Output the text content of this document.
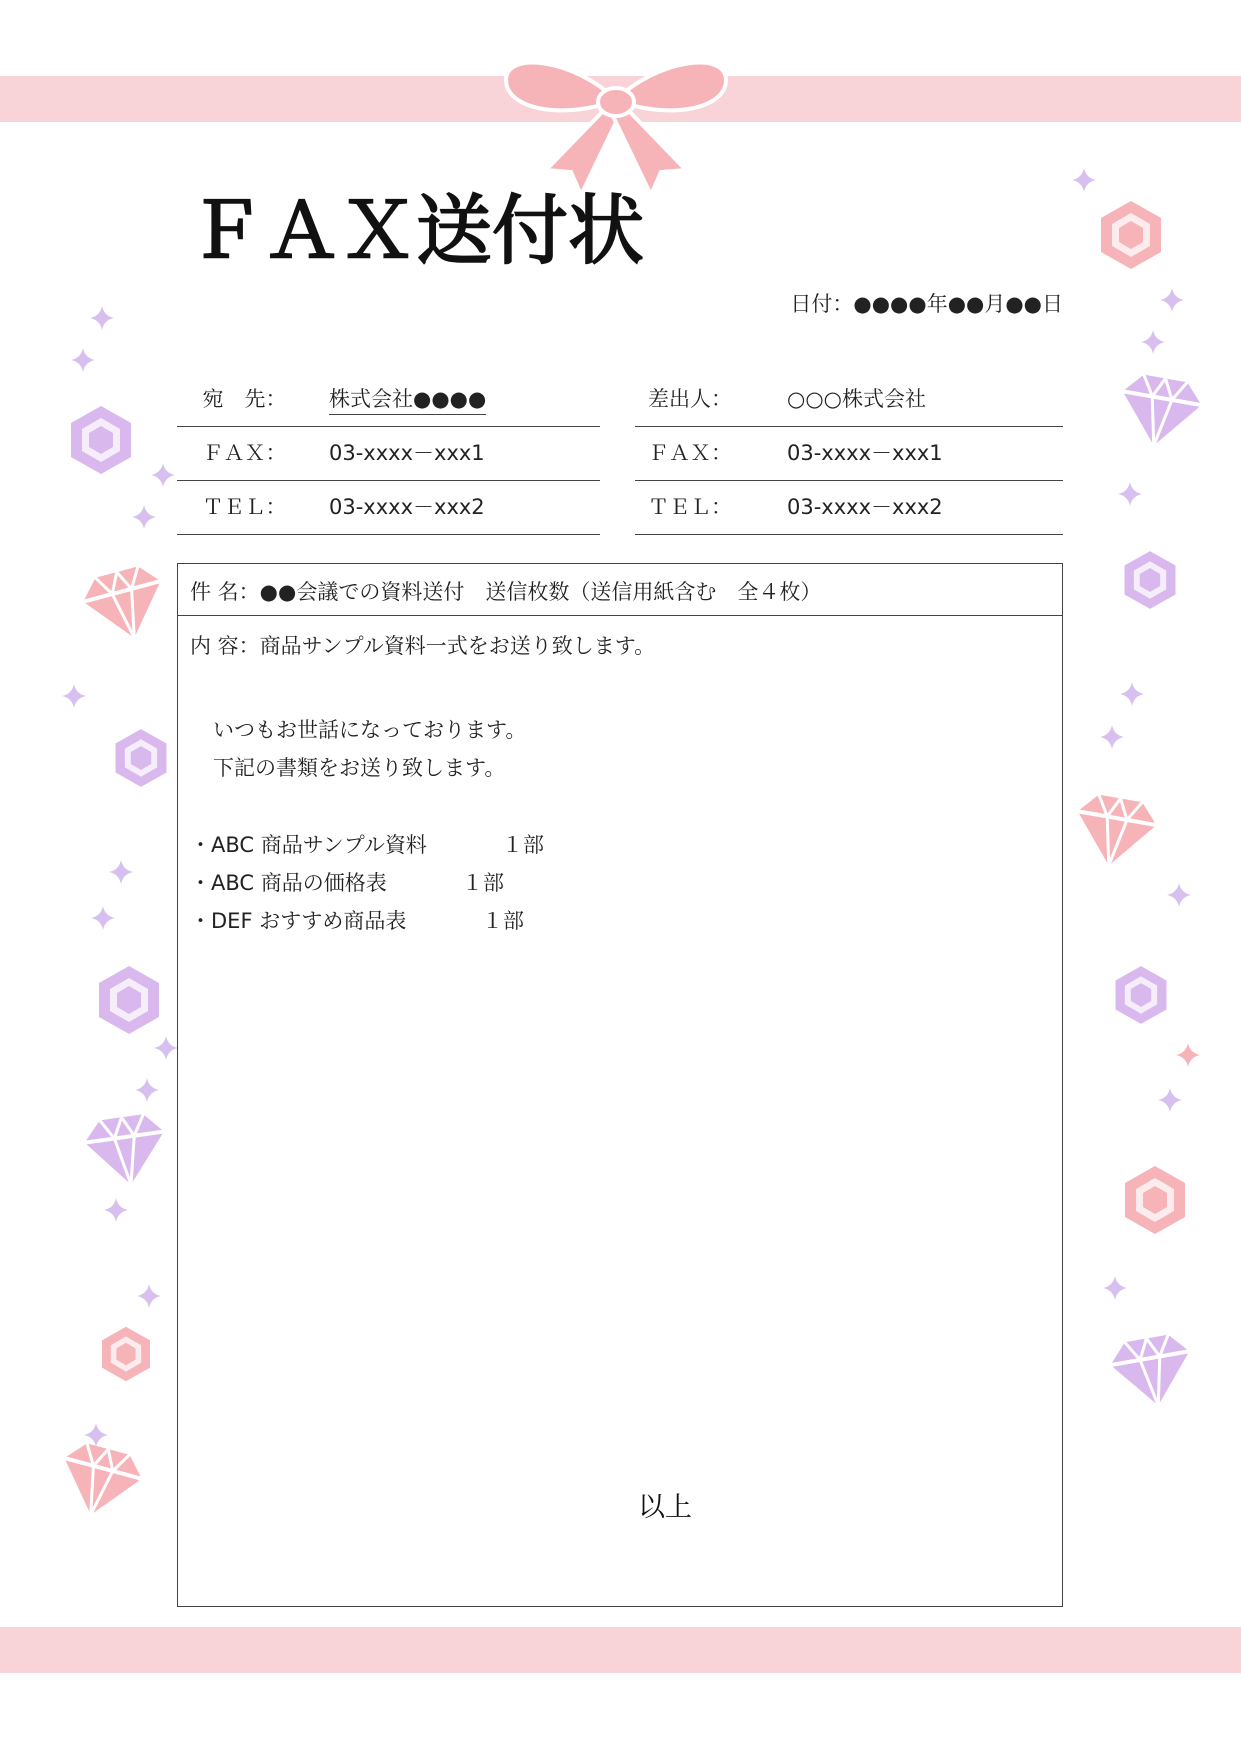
ＦＡＸ送付状
日付：●●●●年●●月●●日
宛　先：	株式会社●●●●
ＦＡＸ：	03-xxxx－xxx1
ＴＥＬ：	03-xxxx－xxx2
差出人：	○○○株式会社
ＦＡＸ：	03-xxxx－xxx1
ＴＥＬ：	03-xxxx－xxx2
件 名：●●会議での資料送付　送信枚数（送信用紙含む　全４枚）
内 容：商品サンプル資料一式をお送り致します。
いつもお世話になっております。
下記の書類をお送り致します。
・ABC 商品サンプル資料	１部
・ABC 商品の価格表	１部
・DEF おすすめ商品表	１部
以上
